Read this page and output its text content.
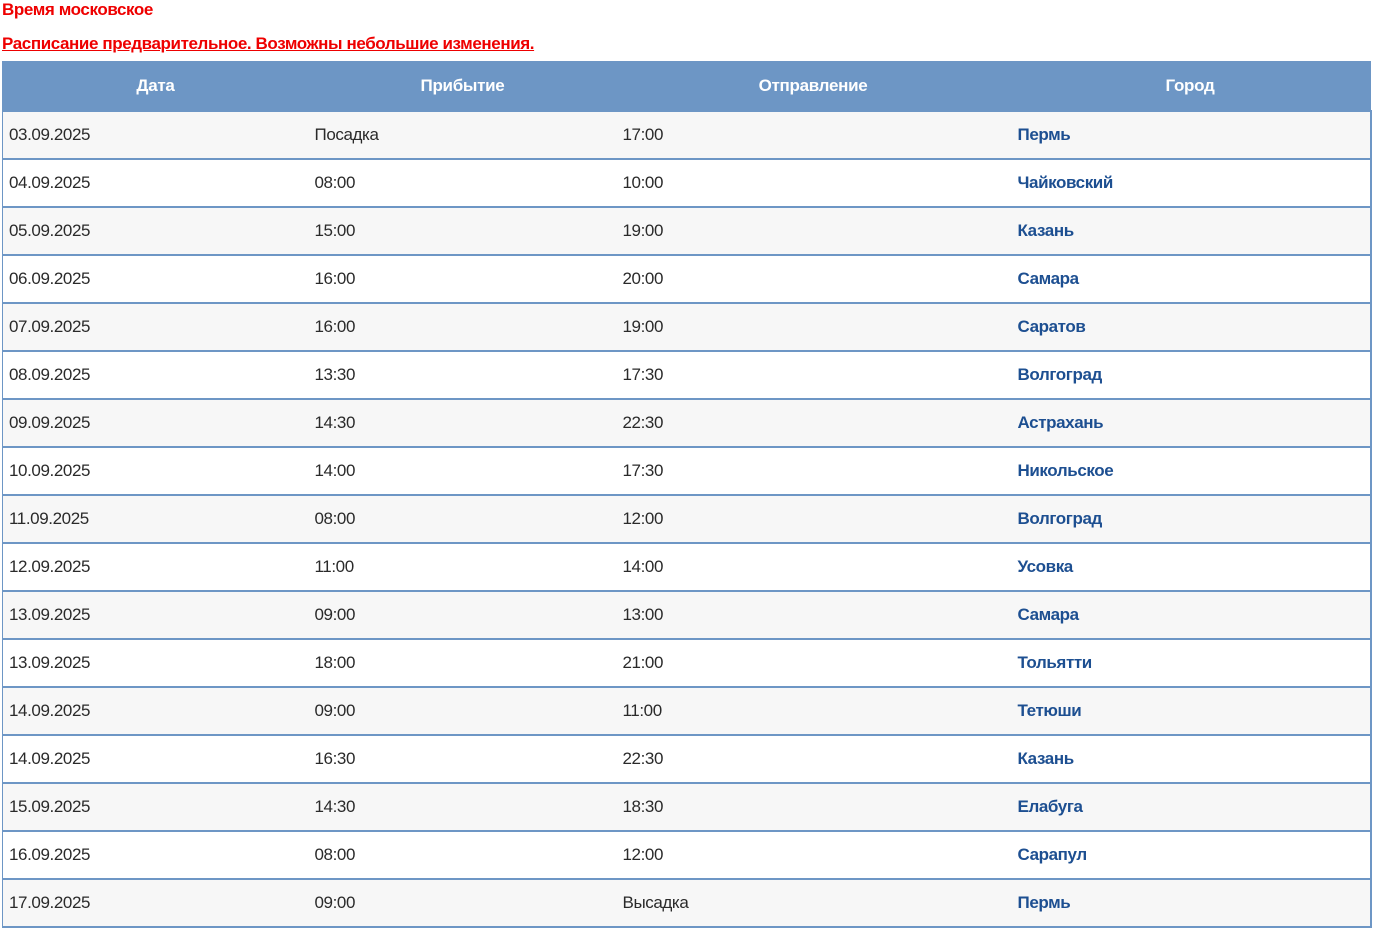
Время московское

Расписание предварительное. Возможны небольшие изменения.

Дата	Прибытие	Отправление	Город
03.09.2025	Посадка	17:00	Пермь
04.09.2025	08:00	10:00	Чайковский
05.09.2025	15:00	19:00	Казань
06.09.2025	16:00	20:00	Самара
07.09.2025	16:00	19:00	Саратов
08.09.2025	13:30	17:30	Волгоград
09.09.2025	14:30	22:30	Астрахань
10.09.2025	14:00	17:30	Никольское
11.09.2025	08:00	12:00	Волгоград
12.09.2025	11:00	14:00	Усовка
13.09.2025	09:00	13:00	Самара
13.09.2025	18:00	21:00	Тольятти
14.09.2025	09:00	11:00	Тетюши
14.09.2025	16:30	22:30	Казань
15.09.2025	14:30	18:30	Елабуга
16.09.2025	08:00	12:00	Сарапул
17.09.2025	09:00	Высадка	Пермь
